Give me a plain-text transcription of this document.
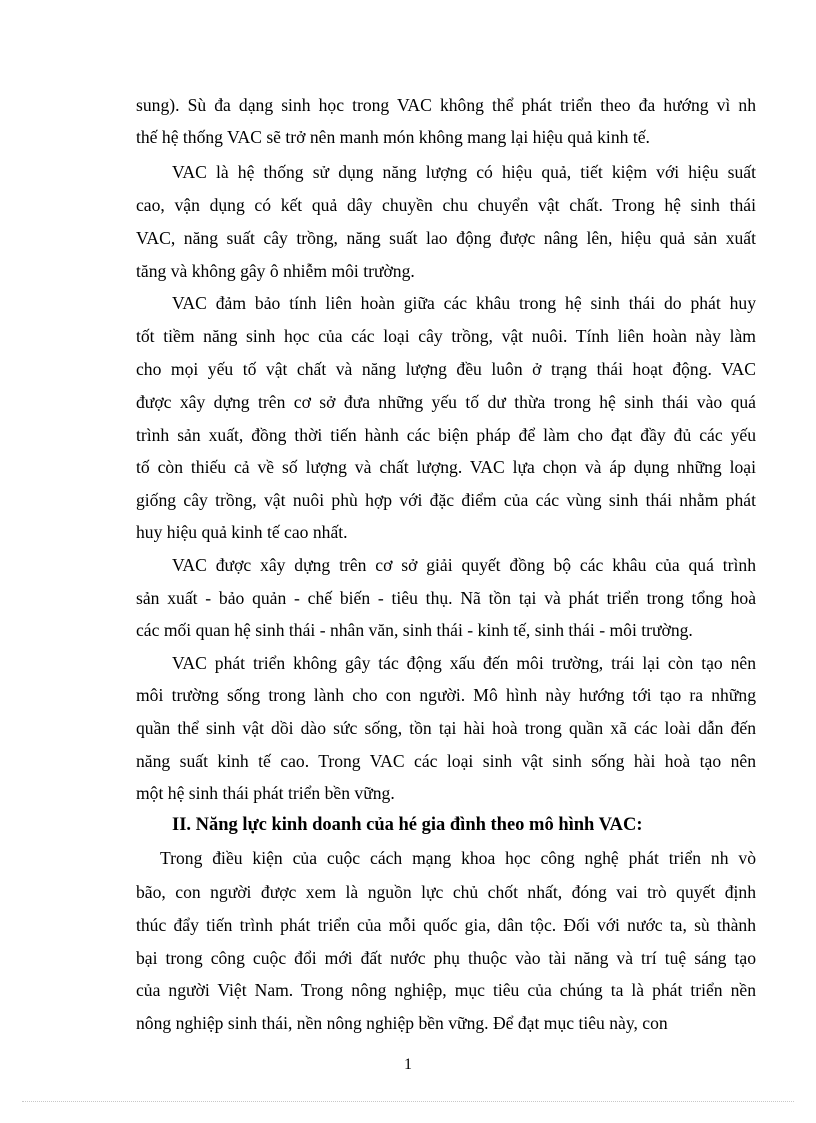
sung). Sù đa dạng sinh học trong VAC không thể phát triển theo đa hướng vì nh
thế hệ thống VAC sẽ trở nên manh món không mang lại hiệu quả kinh tế.
VAC là hệ thống sử dụng năng lượng có hiệu quả, tiết kiệm với hiệu suất
cao, vận dụng có kết quả dây chuyền chu chuyển vật chất. Trong hệ sinh thái
VAC, năng suất cây trồng, năng suất lao động được nâng lên, hiệu quả sản xuất
tăng và không gây ô nhiễm môi trường.
VAC đảm bảo tính liên hoàn giữa các khâu trong hệ sinh thái do phát huy
tốt tiềm năng sinh học của các loại cây trồng, vật nuôi. Tính liên hoàn này làm
cho mọi yếu tố vật chất và năng lượng đều luôn ở trạng thái hoạt động. VAC
được xây dựng trên cơ sở đưa những yếu tố dư thừa trong hệ sinh thái vào quá
trình sản xuất, đồng thời tiến hành các biện pháp để làm cho đạt đầy đủ các yếu
tố còn thiếu cả về số lượng và chất lượng. VAC lựa chọn và áp dụng những loại
giống cây trồng, vật nuôi phù hợp với đặc điểm của các vùng sinh thái nhằm phát
huy hiệu quả kinh tế cao nhất.
VAC được xây dựng trên cơ sở giải quyết đồng bộ các khâu của quá trình
sản xuất - bảo quản - chế biến - tiêu thụ. Nã tồn tại và phát triển trong tổng hoà
các mối quan hệ sinh thái - nhân văn, sinh thái - kinh tế, sinh thái - môi trường.
VAC phát triển không gây tác động xấu đến môi trường, trái lại còn tạo nên
môi trường sống trong lành cho con người. Mô hình này hướng tới tạo ra những
quần thể sinh vật dồi dào sức sống, tồn tại hài hoà trong quần xã các loài dẫn đến
năng suất kinh tế cao. Trong VAC các loại sinh vật sinh sống hài hoà tạo nên
một hệ sinh thái phát triển bền vững.
II. Năng lực kinh doanh của hé gia đình theo mô hình VAC:
Trong điều kiện của cuộc cách mạng khoa học công nghệ phát triển nh vò
bão, con người được xem là nguồn lực chủ chốt nhất, đóng vai trò quyết định
thúc đẩy tiến trình phát triển của mỗi quốc gia, dân tộc. Đối với nước ta, sù thành
bại trong công cuộc đổi mới đất nước phụ thuộc vào tài năng và trí tuệ sáng tạo
của người Việt Nam. Trong nông nghiệp, mục tiêu của chúng ta là phát triển nền
nông nghiệp sinh thái, nền nông nghiệp bền vững. Để đạt mục tiêu này, con
1
